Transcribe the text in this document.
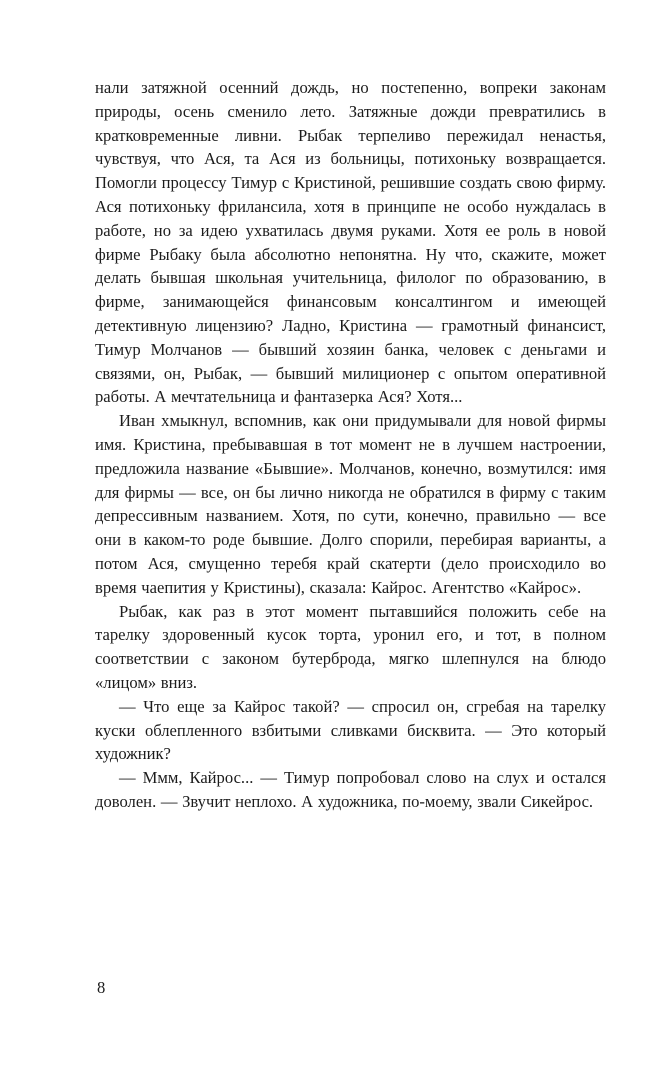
нали затяжной осенний дождь, но постепенно, вопреки законам природы, осень сменило лето. Затяжные дожди превратились в кратковременные ливни. Рыбак терпеливо пережидал ненастья, чувствуя, что Ася, та Ася из больницы, потихоньку возвращается. Помогли процессу Тимур с Кристиной, решившие создать свою фирму. Ася потихоньку фрилансила, хотя в принципе не особо нуждалась в работе, но за идею ухватилась двумя руками. Хотя ее роль в новой фирме Рыбаку была абсолютно непонятна. Ну что, скажите, может делать бывшая школьная учительница, филолог по образованию, в фирме, занимающейся финансовым консалтингом и имеющей детективную лицензию? Ладно, Кристина — грамотный финансист, Тимур Молчанов — бывший хозяин банка, человек с деньгами и связями, он, Рыбак, — бывший милиционер с опытом оперативной работы. А мечтательница и фантазерка Ася? Хотя...

Иван хмыкнул, вспомнив, как они придумывали для новой фирмы имя. Кристина, пребывавшая в тот момент не в лучшем настроении, предложила название «Бывшие». Молчанов, конечно, возмутился: имя для фирмы — все, он бы лично никогда не обратился в фирму с таким депрессивным названием. Хотя, по сути, конечно, правильно — все они в каком-то роде бывшие. Долго спорили, перебирая варианты, а потом Ася, смущенно теребя край скатерти (дело происходило во время чаепития у Кристины), сказала: Кайрос. Агентство «Кайрос».

Рыбак, как раз в этот момент пытавшийся положить себе на тарелку здоровенный кусок торта, уронил его, и тот, в полном соответствии с законом бутерброда, мягко шлепнулся на блюдо «лицом» вниз.

— Что еще за Кайрос такой? — спросил он, сгребая на тарелку куски облепленного взбитыми сливками бисквита. — Это который художник?

— Ммм, Кайрос... — Тимур попробовал слово на слух и остался доволен. — Звучит неплохо. А художника, по-моему, звали Сикейрос.

8
